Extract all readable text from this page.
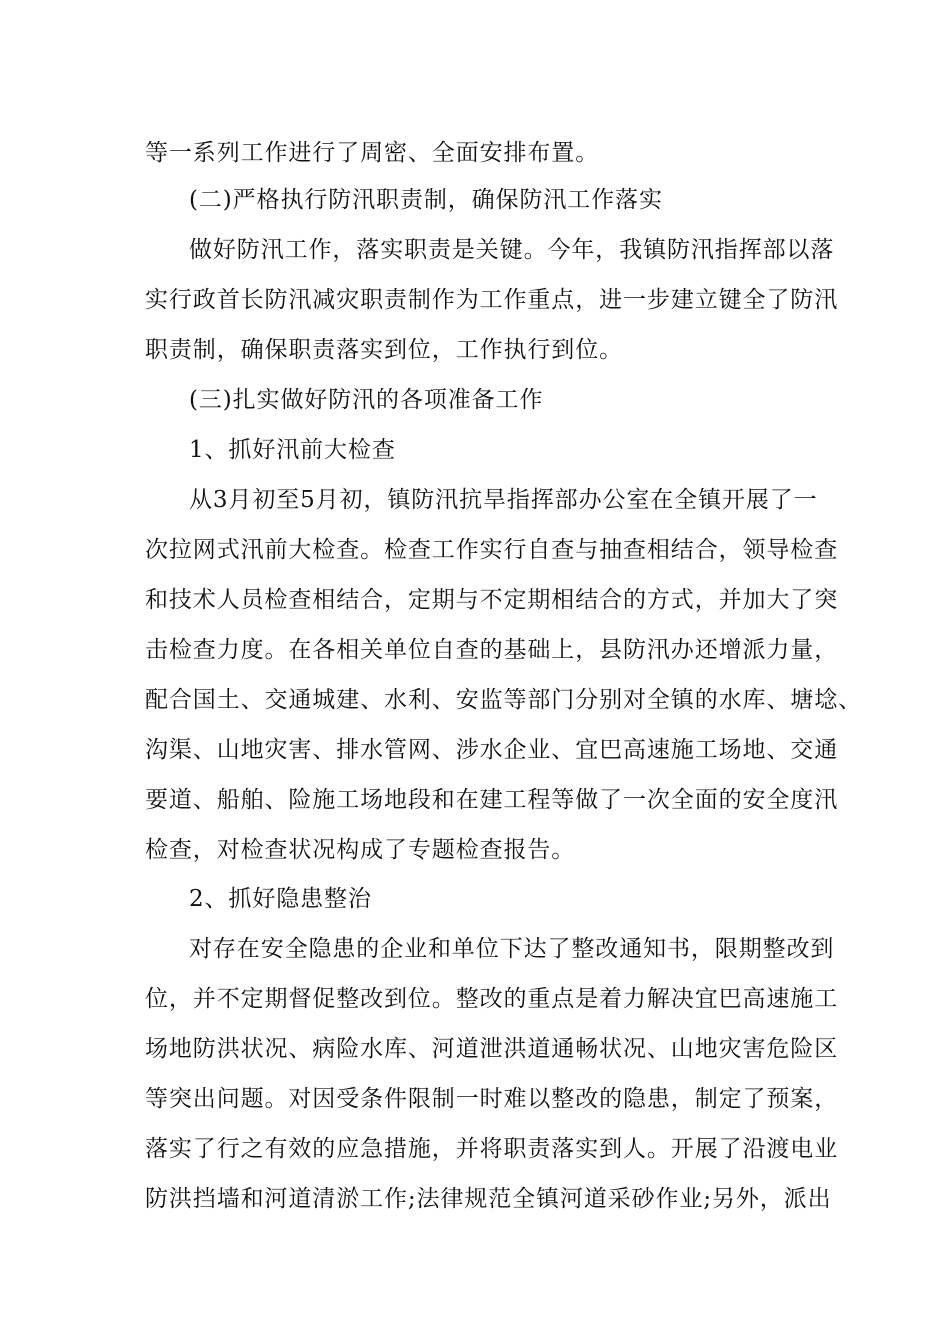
等一系列工作进行了周密、全面安排布置。

(二)严格执行防汛职责制，确保防汛工作落实

做好防汛工作，落实职责是关键。今年，我镇防汛指挥部以落

实行政首长防汛减灾职责制作为工作重点，进一步建立键全了防汛

职责制，确保职责落实到位，工作执行到位。

(三)扎实做好防汛的各项准备工作

1、抓好汛前大检查

从3月初至5月初，镇防汛抗旱指挥部办公室在全镇开展了一

次拉网式汛前大检查。检查工作实行自查与抽查相结合，领导检查

和技术人员检查相结合，定期与不定期相结合的方式，并加大了突

击检查力度。在各相关单位自查的基础上，县防汛办还增派力量，

配合国土、交通城建、水利、安监等部门分别对全镇的水库、塘埝、

沟渠、山地灾害、排水管网、涉水企业、宜巴高速施工场地、交通

要道、船舶、险施工场地段和在建工程等做了一次全面的安全度汛

检查，对检查状况构成了专题检查报告。

2、抓好隐患整治

对存在安全隐患的企业和单位下达了整改通知书，限期整改到

位，并不定期督促整改到位。整改的重点是着力解决宜巴高速施工

场地防洪状况、病险水库、河道泄洪道通畅状况、山地灾害危险区

等突出问题。对因受条件限制一时难以整改的隐患，制定了预案，

落实了行之有效的应急措施，并将职责落实到人。开展了沿渡电业

防洪挡墙和河道清淤工作;法律规范全镇河道采砂作业;另外，派出
